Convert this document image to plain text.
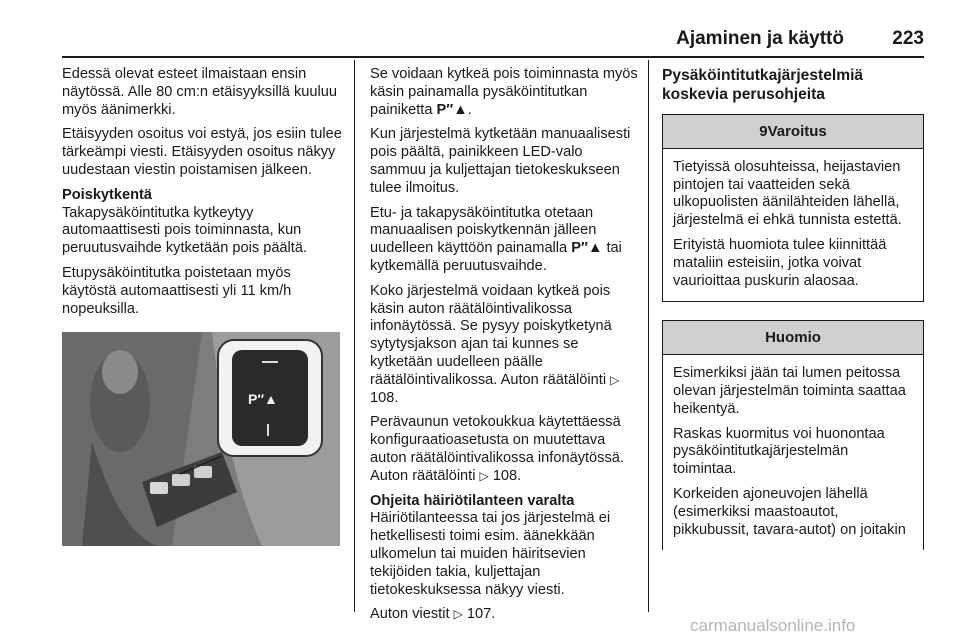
Ajaminen ja käyttö	223

Edessä olevat esteet ilmaistaan ensin näytössä. Alle 80 cm:n etäisyyksillä kuuluu myös äänimerkki.

Etäisyyden osoitus voi estyä, jos esiin tulee tärkeämpi viesti. Etäisyyden osoitus näkyy uudestaan viestin poistamisen jälkeen.

Poiskytkentä

Takapysäköintitutka kytkeytyy automaattisesti pois toiminnasta, kun peruutusvaihde kytketään pois päältä.

Etupysäköintitutka poistetaan myös käytöstä automaattisesti yli 11 km/h nopeuksilla.

P″▲

Se voidaan kytkeä pois toiminnasta myös käsin painamalla pysäköintitutkan painiketta P″▲.

Kun järjestelmä kytketään manuaalisesti pois päältä, painikkeen LED-valo sammuu ja kuljettajan tietokeskukseen tulee ilmoitus.

Etu- ja takapysäköintitutka otetaan manuaalisen poiskytkennän jälleen uudelleen käyttöön painamalla P″▲ tai kytkemällä peruutusvaihde.

Koko järjestelmä voidaan kytkeä pois käsin auton räätälöintivalikossa infonäytössä. Se pysyy poiskytketynä sytytysjakson ajan tai kunnes se kytketään uudelleen päälle räätälöintivalikossa. Auton räätälöinti ▷ 108.

Perävaunun vetokoukkua käytettäessä konfiguraatioasetusta on muutettava auton räätälöintivalikossa infonäytössä. Auton räätälöinti ▷ 108.

Ohjeita häiriötilanteen varalta

Häiriötilanteessa tai jos järjestelmä ei hetkellisesti toimi esim. äänekkään ulkomelun tai muiden häiritsevien tekijöiden takia, kuljettajan tietokeskuksessa näkyy viesti.

Auton viestit ▷ 107.

Pysäköintitutkajärjestelmiä koskevia perusohjeita
9Varoitus

Tietyissä olosuhteissa, heijastavien pintojen tai vaatteiden sekä ulkopuolisten äänilähteiden lähellä, järjestelmä ei ehkä tunnista estettä.

Erityistä huomiota tulee kiinnittää mataliin esteisiin, jotka voivat vaurioittaa puskurin alaosaa.

Huomio

Esimerkiksi jään tai lumen peitossa olevan järjestelmän toiminta saattaa heikentyä.

Raskas kuormitus voi huonontaa pysäköintitutkajärjestelmän toimintaa.

Korkeiden ajoneuvojen lähellä (esimerkiksi maastoautot, pikkubussit, tavara-autot) on joitakin

carmanualsonline.info
